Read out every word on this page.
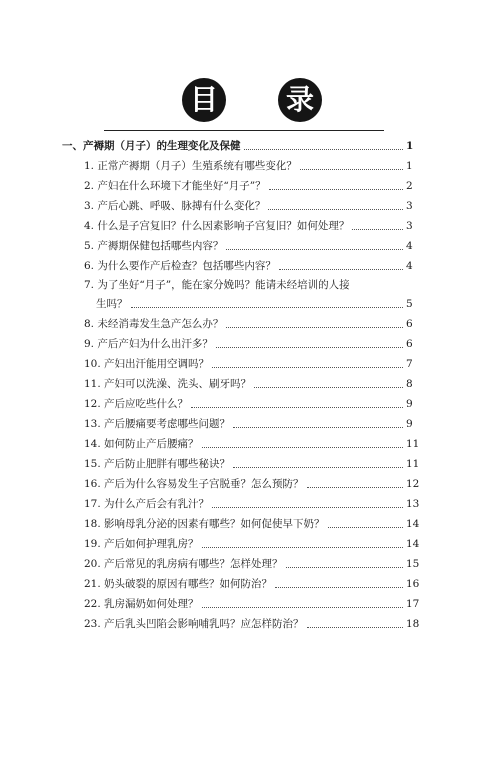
目 录
一、产褥期（月子）的生理变化及保健	1
1. 正常产褥期（月子）生殖系统有哪些变化？	1
2. 产妇在什么环境下才能坐好“月子”？	2
3. 产后心跳、呼吸、脉搏有什么变化？	3
4. 什么是子宫复旧？什么因素影响子宫复旧？如何处理？	3
5. 产褥期保健包括哪些内容？	4
6. 为什么要作产后检查？包括哪些内容？	4
7. 为了坐好“月子”，能在家分娩吗？能请未经培训的人接
生吗？	5
8. 未经消毒发生急产怎么办？	6
9. 产后产妇为什么出汗多？	6
10. 产妇出汗能用空调吗？	7
11. 产妇可以洗澡、洗头、刷牙吗？	8
12. 产后应吃些什么？	9
13. 产后腰痛要考虑哪些问题？	9
14. 如何防止产后腰痛？	11
15. 产后防止肥胖有哪些秘诀？	11
16. 产后为什么容易发生子宫脱垂？怎么预防？	12
17. 为什么产后会有乳汁？	13
18. 影响母乳分泌的因素有哪些？如何促使早下奶？	14
19. 产后如何护理乳房？	14
20. 产后常见的乳房病有哪些？怎样处理？	15
21. 奶头破裂的原因有哪些？如何防治？	16
22. 乳房漏奶如何处理？	17
23. 产后乳头凹陷会影响哺乳吗？应怎样防治？	18
